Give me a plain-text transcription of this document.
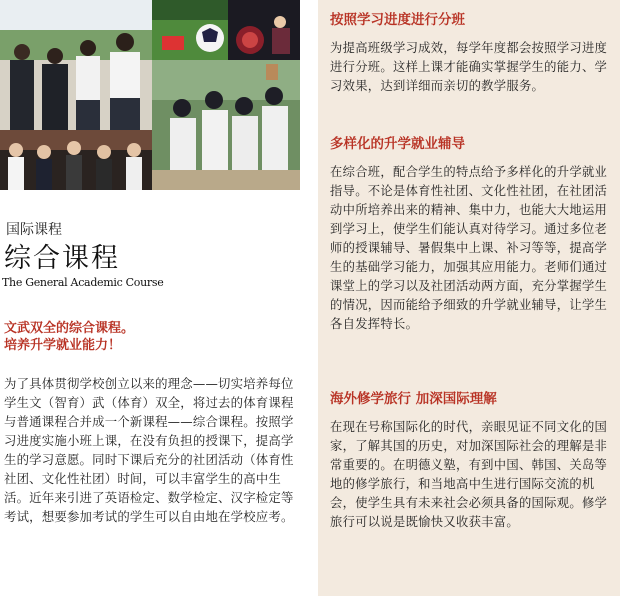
国际课程
综合课程
The General Academic Course
文武双全的综合课程。
培养升学就业能力！
为了具体贯彻学校创立以来的理念——切实培养每位学生文（智育）武（体育）双全，将过去的体育课程与普通课程合并成一个新课程——综合课程。按照学习进度实施小班上课，在没有负担的授课下，提高学生的学习意愿。同时下课后充分的社团活动（体育性社团、文化性社团）时间，可以丰富学生的高中生活。近年来引进了英语检定、数学检定、汉字检定等考试，想要参加考试的学生可以自由地在学校应考。
按照学习进度进行分班

为提高班级学习成效，每学年度都会按照学习进度进行分班。这样上课才能确实掌握学生的能力、学习效果，达到详细而亲切的教学服务。

多样化的升学就业辅导

在综合班，配合学生的特点给予多样化的升学就业指导。不论是体育性社团、文化性社团，在社团活动中所培养出来的精神、集中力，也能大大地运用到学习上，使学生们能认真对待学习。通过多位老师的授课辅导、暑假集中上课、补习等等，提高学生的基础学习能力，加强其应用能力。老师们通过课堂上的学习以及社团活动两方面，充分掌握学生的情况，因而能给予细致的升学就业辅导，让学生各自发挥特长。

海外修学旅行 加深国际理解

在现在号称国际化的时代，亲眼见证不同文化的国家，了解其国的历史，对加深国际社会的理解是非常重要的。在明德义塾，有到中国、韩国、关岛等地的修学旅行，和当地高中生进行国际交流的机会，使学生具有未来社会必须具备的国际观。修学旅行可以说是既愉快又收获丰富。
